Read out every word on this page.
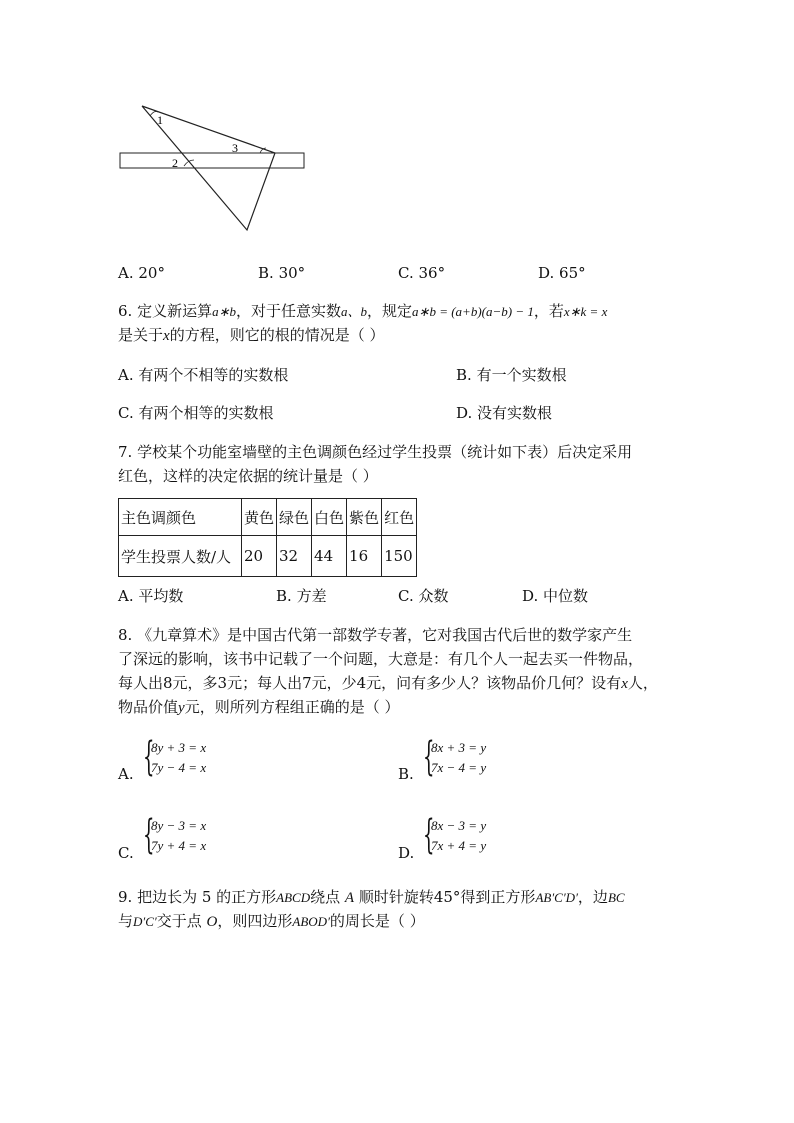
1
2
3
A. 20°	B. 30°	C. 36°	D. 65°
6. 定义新运算a∗b，对于任意实数a、b，规定a∗b = (a+b)(a−b) − 1，若x∗k = x
是关于x的方程，则它的根的情况是（ ）
A. 有两个不相等的实数根	B. 有一个实数根
C. 有两个相等的实数根	D. 没有实数根
7. 学校某个功能室墙壁的主色调颜色经过学生投票（统计如下表）后决定采用
红色，这样的决定依据的统计量是（ ）
主色调颜色	黄色	绿色	白色	紫色	红色
学生投票人数/人	20	32	44	16	150
A. 平均数	B. 方差	C. 众数	D. 中位数
8. 《九章算术》是中国古代第一部数学专著，它对我国古代后世的数学家产生
了深远的影响，该书中记载了一个问题，大意是：有几个人一起去买一件物品，
每人出8元，多3元；每人出7元，少4元，问有多少人？该物品价几何？设有x人，
物品价值y元，则所列方程组正确的是（ ）
A. {
8y + 3 = x
7y − 4 = x	B. {
8x + 3 = y
7x − 4 = y
C. {
8y − 3 = x
7y + 4 = x	D. {
8x − 3 = y
7x + 4 = y
9. 把边长为 5 的正方形ABCD绕点 A 顺时针旋转45°得到正方形AB′C′D′，边BC
与D′C′交于点 O，则四边形ABOD′的周长是（ ）
